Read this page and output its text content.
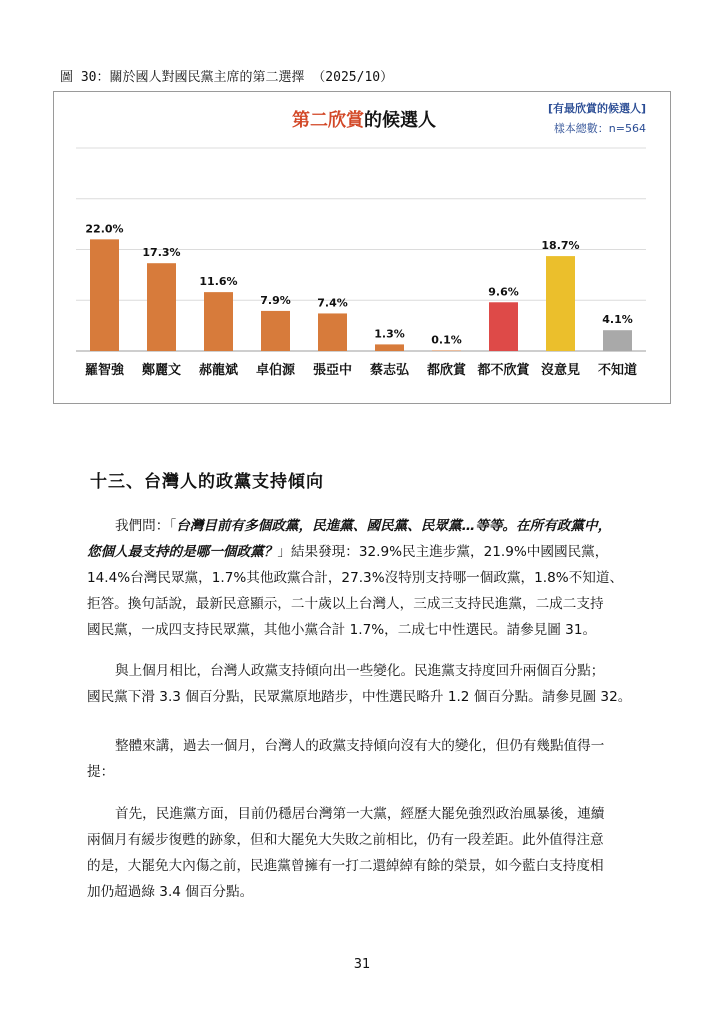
圖 30：關於國人對國民黨主席的第二選擇 （2025/10）
第二欣賞的候選人
[有最欣賞的候選人]
樣本總數：n=564
22.0%
17.3%
11.6%
7.9% 7.4%
1.3% 0.1%
9.6%
18.7%
4.1%
羅智強 鄭麗文 郝龍斌 卓伯源 張亞中 蔡志弘 都欣賞 都不欣賞 沒意見 不知道
十三、台灣人的政黨支持傾向
我們問：「台灣目前有多個政黨，民進黨、國民黨、民眾黨…等等。在所有政黨中，
您個人最支持的是哪一個政黨？」結果發現：32.9%民主進步黨，21.9%中國國民黨，
14.4%台灣民眾黨，1.7%其他政黨合計，27.3%沒特別支持哪一個政黨，1.8%不知道、
拒答。換句話說，最新民意顯示，二十歲以上台灣人，三成三支持民進黨，二成二支持
國民黨，一成四支持民眾黨，其他小黨合計 1.7%，二成七中性選民。請參見圖 31。
與上個月相比，台灣人政黨支持傾向出一些變化。民進黨支持度回升兩個百分點；
國民黨下滑 3.3 個百分點，民眾黨原地踏步，中性選民略升 1.2 個百分點。請參見圖 32。
整體來講，過去一個月，台灣人的政黨支持傾向沒有大的變化，但仍有幾點值得一
提：
首先，民進黨方面，目前仍穩居台灣第一大黨，經歷大罷免強烈政治風暴後，連續
兩個月有緩步復甦的跡象，但和大罷免大失敗之前相比，仍有一段差距。此外值得注意
的是，大罷免大內傷之前，民進黨曾擁有一打二還綽綽有餘的榮景，如今藍白支持度相
加仍超過綠 3.4 個百分點。
31
